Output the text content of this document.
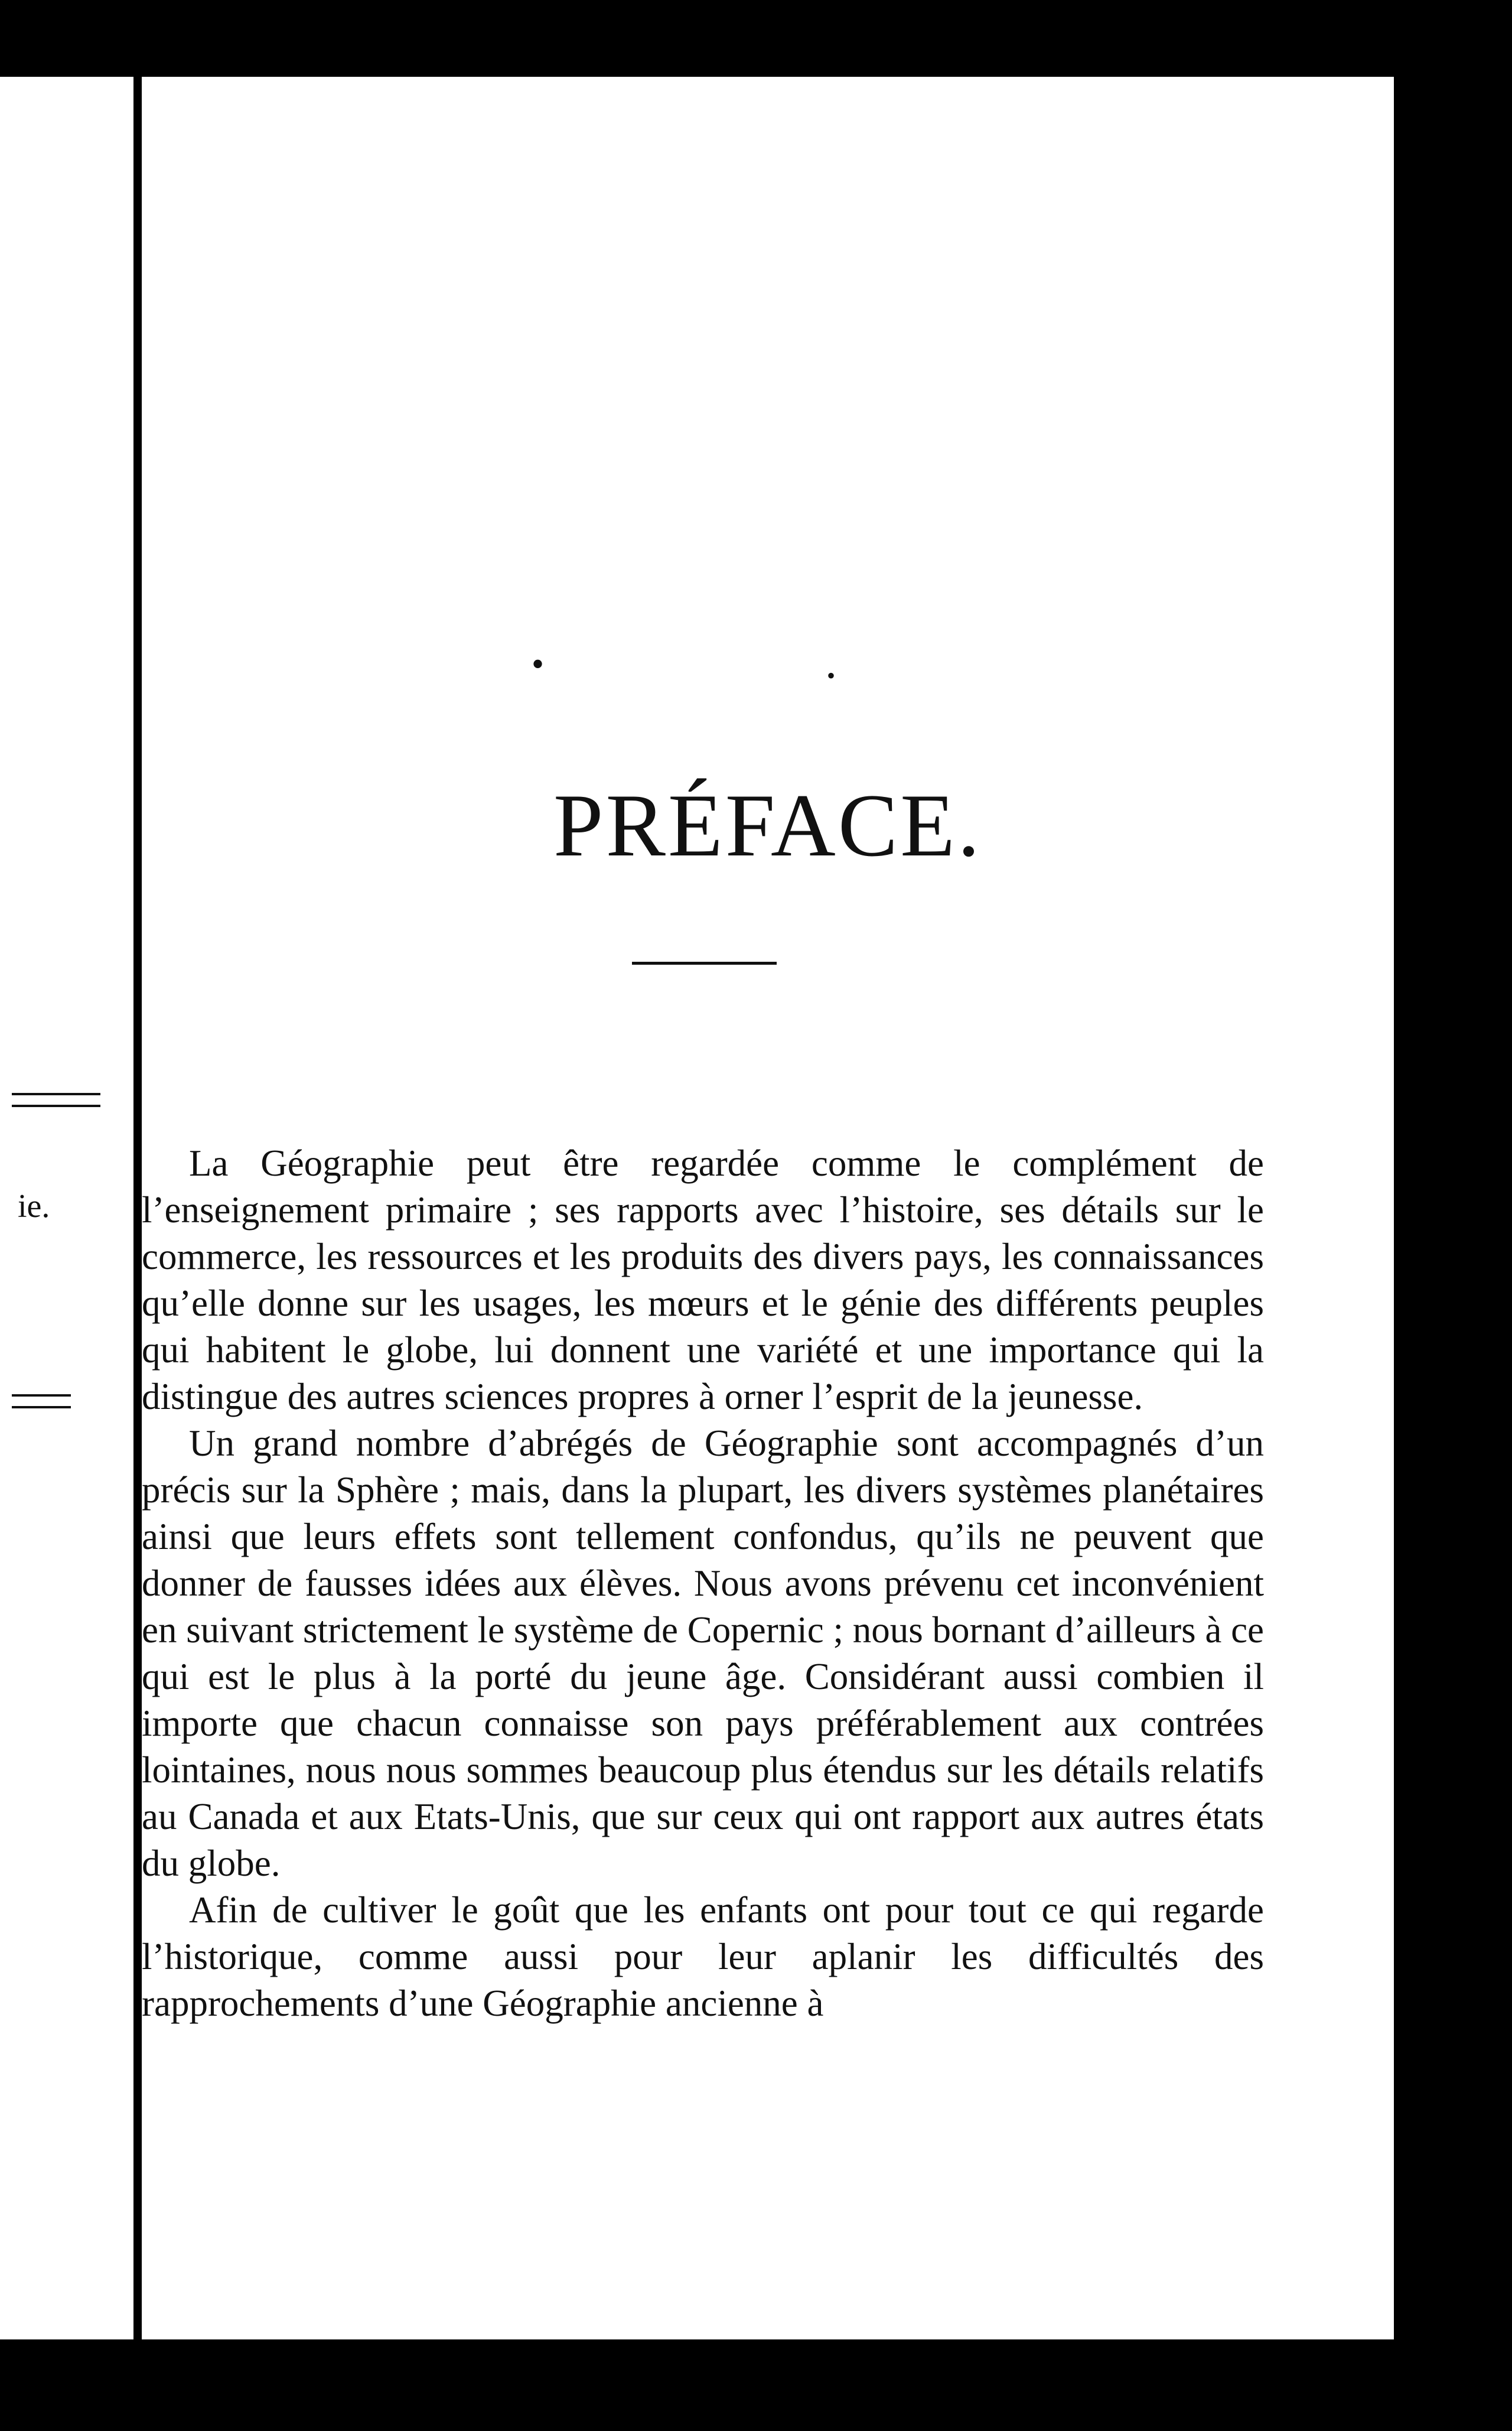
ie.
•	•
PRÉFACE.

La Géographie peut être regardée comme le complément de l’enseignement primaire ; ses rapports avec l’histoire, ses détails sur le commerce, les ressources et les produits des divers pays, les connaissances qu’elle donne sur les usages, les mœurs et le génie des différents peuples qui habitent le globe, lui donnent une variété et une importance qui la distingue des autres sciences propres à orner l’esprit de la jeunesse.

Un grand nombre d’abrégés de Géographie sont accompagnés d’un précis sur la Sphère ; mais, dans la plupart, les divers systèmes planétaires ainsi que leurs effets sont tellement confondus, qu’ils ne peuvent que donner de fausses idées aux élèves. Nous avons prévenu cet inconvénient en suivant strictement le système de Copernic ; nous bornant d’ailleurs à ce qui est le plus à la porté du jeune âge. Considérant aussi combien il importe que chacun connaisse son pays préférablement aux contrées lointaines, nous nous sommes beaucoup plus étendus sur les détails relatifs au Canada et aux Etats-Unis, que sur ceux qui ont rapport aux autres états du globe.

Afin de cultiver le goût que les enfants ont pour tout ce qui regarde l’historique, comme aussi pour leur aplanir les difficultés des rapprochements d’une Géographie ancienne à
